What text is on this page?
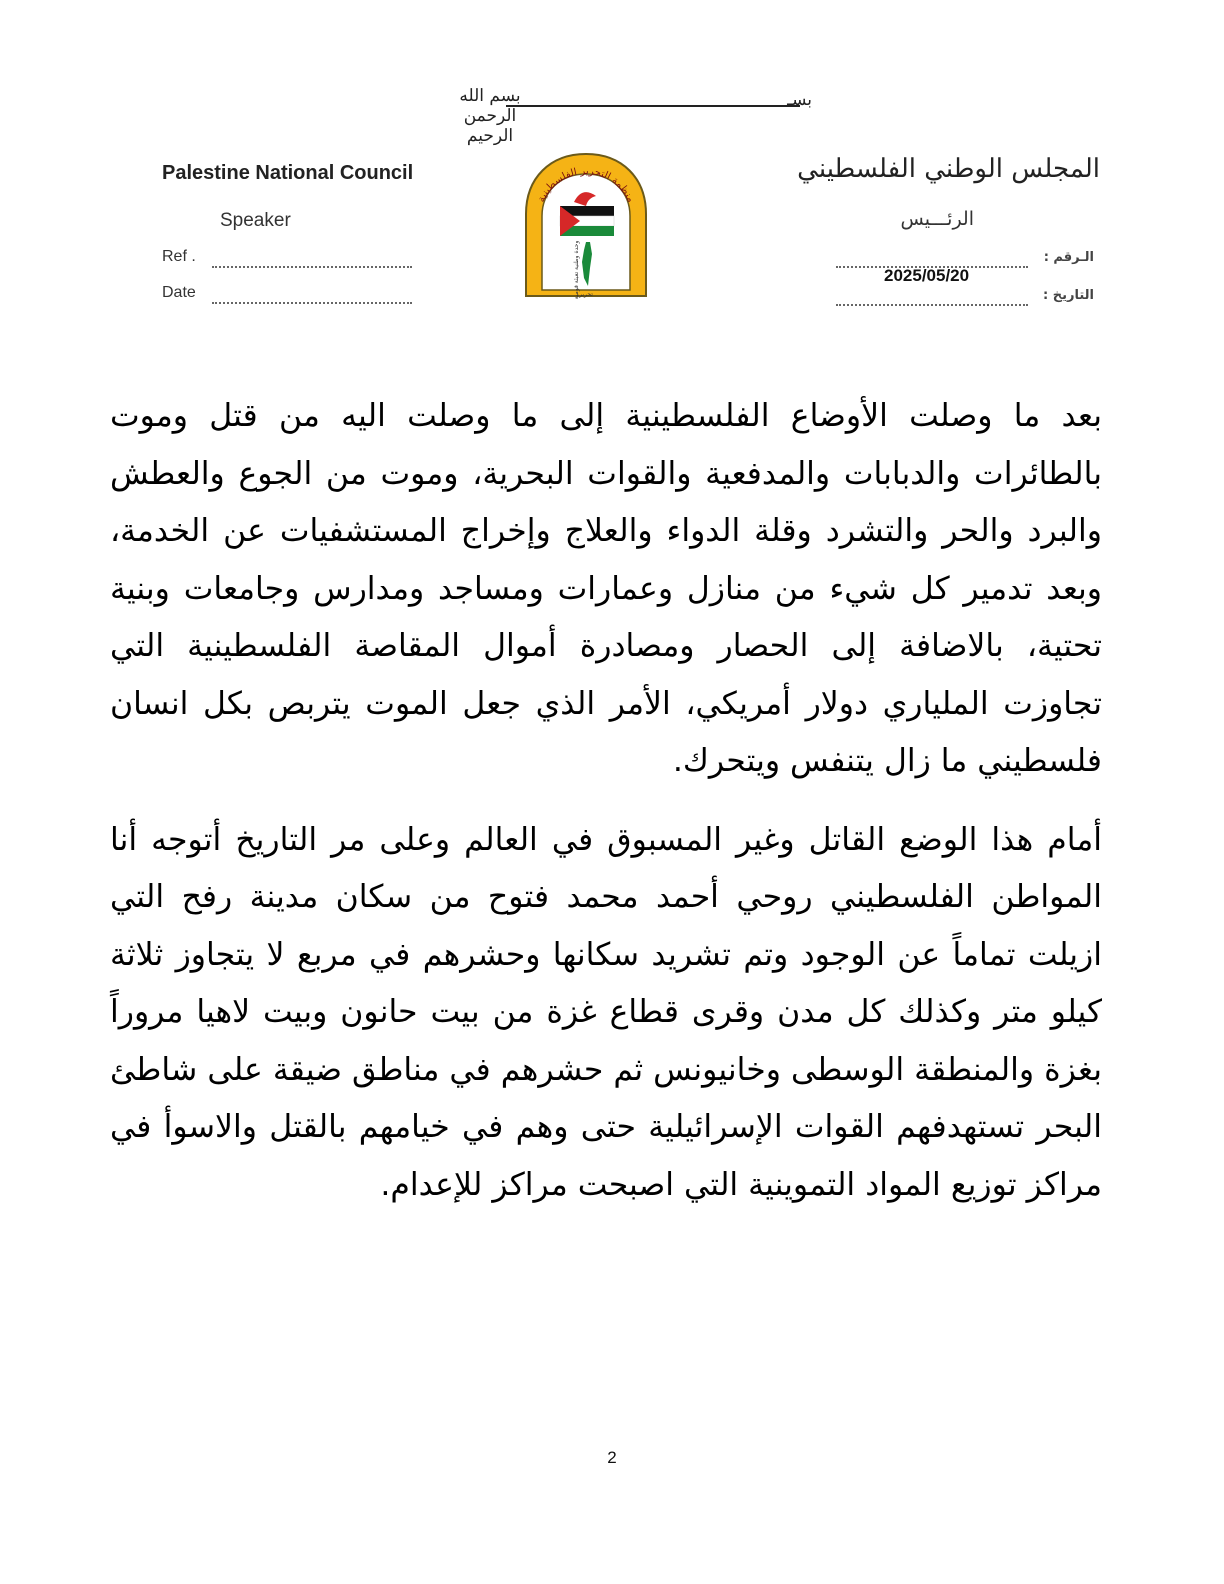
بسم الله الرحمن الرحيم
بسـ
Palestine National Council
Speaker
Ref .
Date
منظمة التحرير الفلسطينية
وحدة وطنية تعبئة قومية تحرير
المجلس الوطني الفلسطيني
الرئـــيس
الـرقم :
التاريخ :
2025/05/20

بعد ما وصلت الأوضاع الفلسطينية إلى ما وصلت اليه من قتل وموت بالطائرات والدبابات والمدفعية والقوات البحرية، وموت من الجوع والعطش والبرد والحر والتشرد وقلة الدواء والعلاج وإخراج المستشفيات عن الخدمة، وبعد تدمير كل شيء من منازل وعمارات ومساجد ومدارس وجامعات وبنية تحتية، بالاضافة إلى الحصار ومصادرة أموال المقاصة الفلسطينية التي تجاوزت الملياري دولار أمريكي، الأمر الذي جعل الموت يتربص بكل انسان فلسطيني ما زال يتنفس ويتحرك.

أمام هذا الوضع القاتل وغير المسبوق في العالم وعلى مر التاريخ أتوجه أنا المواطن الفلسطيني روحي أحمد محمد فتوح من سكان مدينة رفح التي ازيلت تماماً عن الوجود وتم تشريد سكانها وحشرهم في مربع لا يتجاوز ثلاثة كيلو متر وكذلك كل مدن وقرى قطاع غزة من بيت حانون وبيت لاهيا مروراً بغزة والمنطقة الوسطى وخانيونس ثم حشرهم في مناطق ضيقة على شاطئ البحر تستهدفهم القوات الإسرائيلية حتى وهم في خيامهم بالقتل والاسوأ في مراكز توزيع المواد التموينية التي اصبحت مراكز للإعدام.

2
